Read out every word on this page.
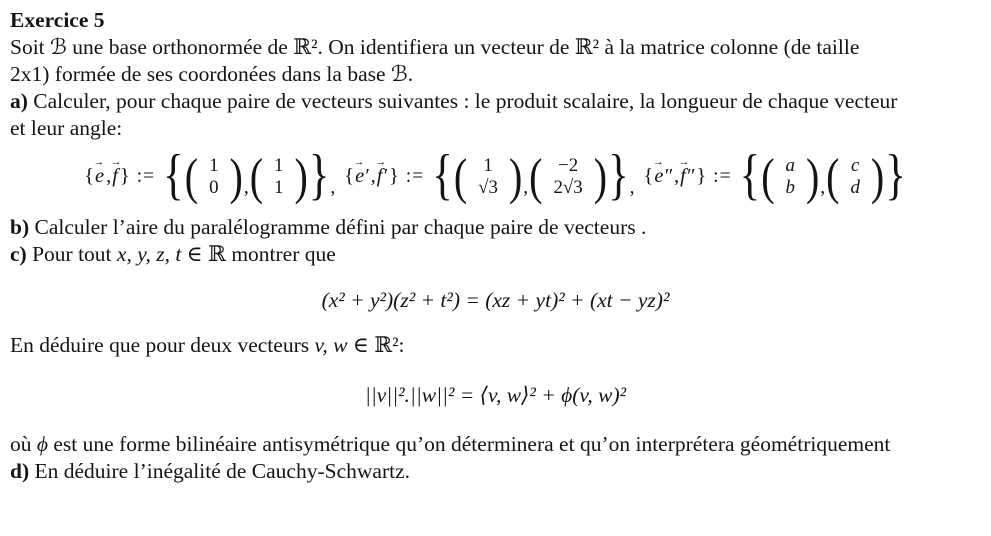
Exercice 5

Soit ℬ une base orthonormée de ℝ². On identifiera un vecteur de ℝ² à la matrice colonne (de taille

2x1) formée de ses coordonées dans la base ℬ.

a) Calculer, pour chaque paire de vecteurs suivantes : le produit scalaire, la longueur de chaque vecteur

et leur angle:

{
→
e ,
→
f } := { ( 1
0 ) , ( 1
1 ) } , {
→
e′ ,
→
f′ } := { ( 1
√3 ) , ( −2
2√3 ) } , {
→
e″ ,
→
f″ } := { ( a
b ) , ( c
d ) }

b) Calculer l’aire du paralélogramme défini par chaque paire de vecteurs .

c) Pour tout x, y, z, t ∈ ℝ montrer que

(x² + y²)(z² + t²) = (xz + yt)² + (xt − yz)²

En déduire que pour deux vecteurs v, w ∈ ℝ²:

||v||².||w||² = ⟨v, w⟩² + ϕ(v, w)²

où ϕ est une forme bilinéaire antisymétrique qu’on déterminera et qu’on interprétera géométriquement

d) En déduire l’inégalité de Cauchy-Schwartz.
